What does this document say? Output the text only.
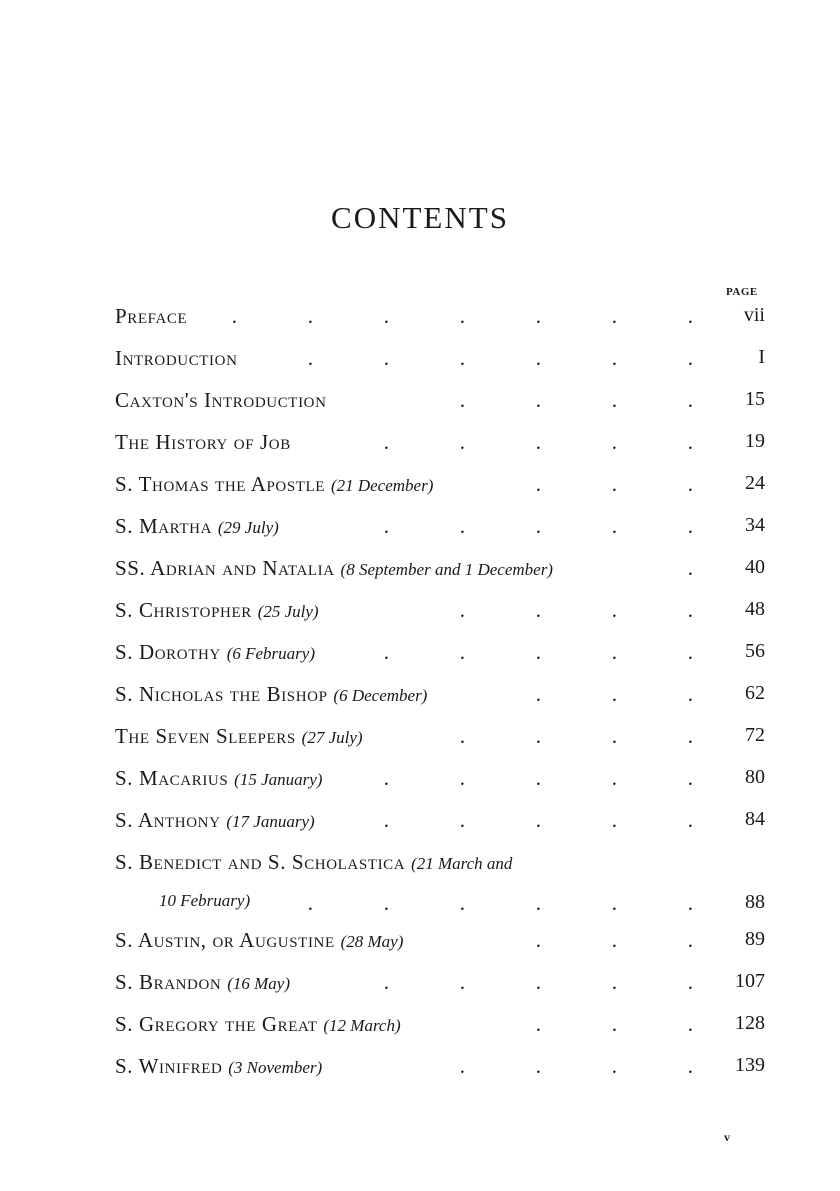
CONTENTS
PAGE
Preface	.	.	.	.	.	.	.	vii
Introduction	.	.	.	.	.	.	I
Caxton's Introduction	.	.	.	.	15
The History of Job	.	.	.	.	.	19
S. Thomas the Apostle (21 December)	.	.	.	24
S. Martha (29 July)	.	.	.	.	.	34
SS. Adrian and Natalia (8 September and 1 December)	.	40
S. Christopher (25 July)	.	.	.	.	48
S. Dorothy (6 February)	.	.	.	.	.	56
S. Nicholas the Bishop (6 December)	.	.	.	62
The Seven Sleepers (27 July)	.	.	.	.	72
S. Macarius (15 January)	.	.	.	.	.	80
S. Anthony (17 January)	.	.	.	.	.	84
S. Benedict and S. Scholastica (21 March and
10 February)	.	.	.	.	.	.	88
S. Austin, or Augustine (28 May)	.	.	.	89
S. Brandon (16 May)	.	.	.	.	.	107
S. Gregory the Great (12 March)	.	.	.	128
S. Winifred (3 November)	.	.	.	.	139
v
